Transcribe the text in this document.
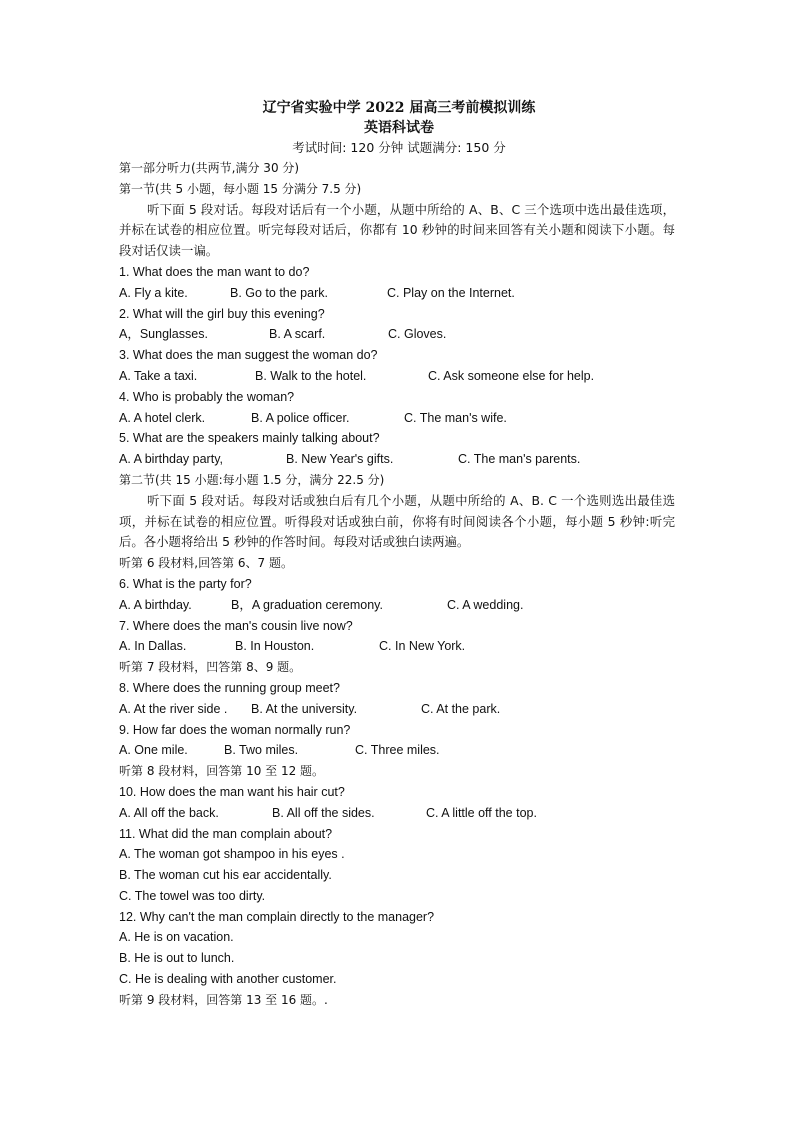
辽宁省实验中学 2022 届高三考前模拟训练
英语科试卷
考试时间: 120 分钟 试题满分: 150 分
第一部分听力(共两节,满分 30 分)
第一节(共 5 小题，每小题 15 分满分 7.5 分)
听下面 5 段对话。每段对话后有一个小题，从题中所给的 A、B、C 三个选项中选出最佳选项，并标在试卷的相应位置。听完每段对话后，你都有 10 秒钟的时间来回答有关小题和阅读下小题。每段对话仅读一谝。
1. What does the man want to do?
A. Fly a kite.	B. Go to the park.	C. Play on the Internet.
2. What will the girl buy this evening?
A，Sunglasses.	B. A scarf.	C. Gloves.
3. What does the man suggest the woman do?
A. Take a taxi.	B. Walk to the hotel.	C. Ask someone else for help.
4. Who is probably the woman?
A. A hotel clerk.	B. A police officer.	C. The man's wife.
5. What are the speakers mainly talking about?
A. A birthday party,	B. New Year's gifts.	C. The man's parents.
第二节(共 15 小题:每小题 1.5 分，满分 22.5 分)
听下面 5 段对话。每段对话或独白后有几个小题，从题中所给的 A、B. C 一个选则选出最佳选项，并标在试卷的相应位置。听得段对话或独白前，你将有时间阅读各个小题，每小题 5 秒钟:听完后。各小题将给出 5 秒钟的作答时间。每段对话或独白读两遍。
听第 6 段材料,回答第 6、7 题。
6. What is the party for?
A. A birthday.	B，A graduation ceremony.	C. A wedding.
7. Where does the man's cousin live now?
A. In Dallas.	B. In Houston.	C. In New York.
听第 7 段材料，凹答第 8、9 题。
8. Where does the running group meet?
A. At the river side .	B. At the university.	C. At the park.
9. How far does the woman normally run?
A. One mile.	B. Two miles.	C. Three miles.
听第 8 段材料，回答第 10 至 12 题。
10. How does the man want his hair cut?
A. All off the back.	B. All off the sides.	C. A little off the top.
11. What did the man complain about?
A. The woman got shampoo in his eyes .
B. The woman cut his ear accidentally.
C. The towel was too dirty.
12. Why can't the man complain directly to the manager?
A. He is on vacation.
B. He is out to lunch.
C. He is dealing with another customer.
听第 9 段材料，回答第 13 至 16 题。.
